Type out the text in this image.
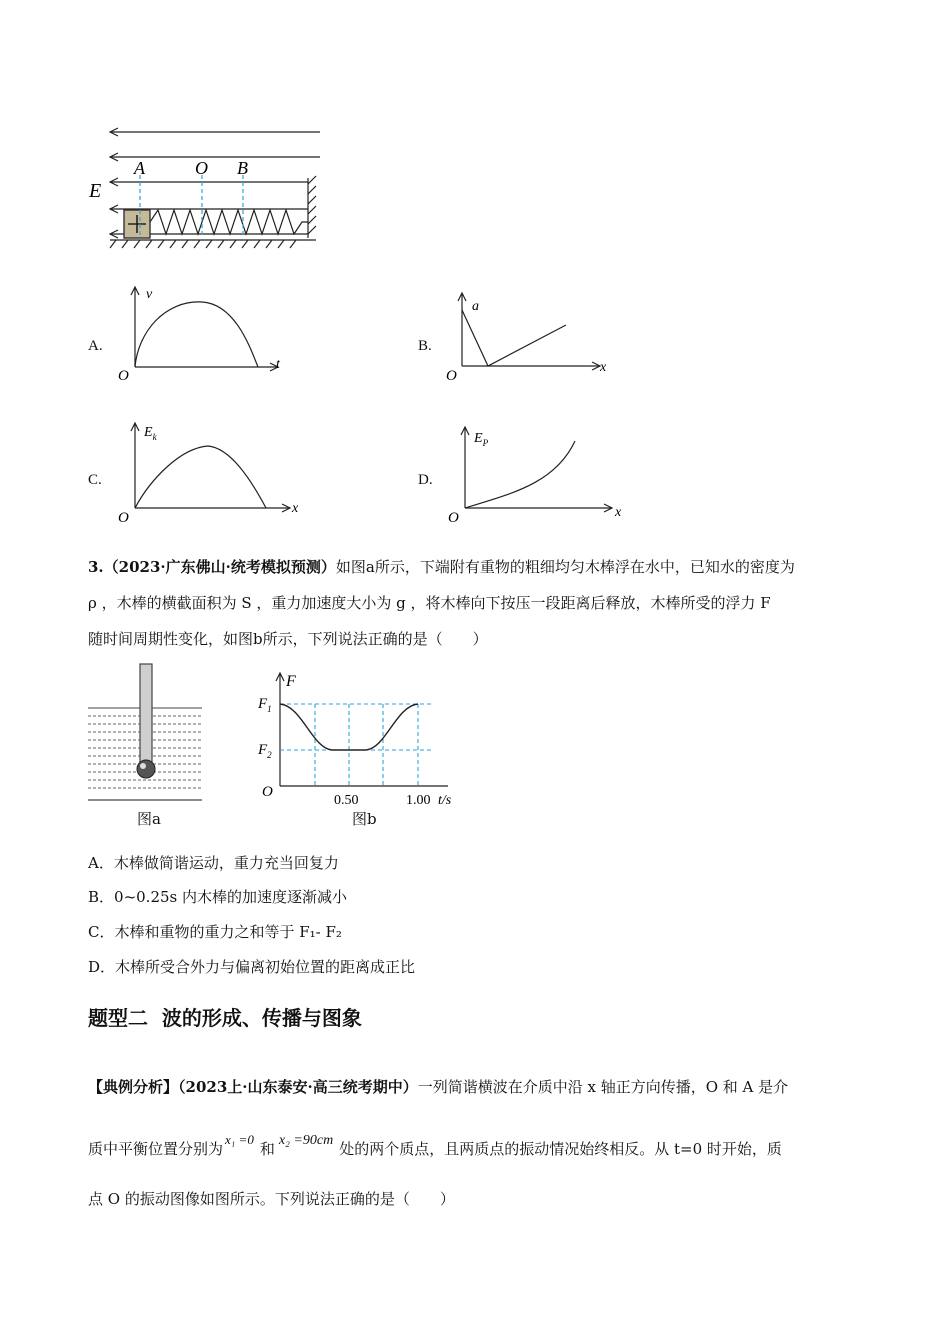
E
A	O B
A.
v
t
O
B.
a
x
O
C.
$E_k$
x
O
D.
$E_P$
x
O
3.（2023·广东佛山·统考模拟预测）如图a所示，下端附有重物的粗细均匀木棒浮在水中，已知水的密度为
ρ ，木棒的横截面积为 S ，重力加速度大小为 g ，将木棒向下按压一段距离后释放，木棒所受的浮力 F
随时间周期性变化，如图b所示，下列说法正确的是（　　）
图a
F
$F_1$
$F_2$
O
0.50	1.00 t/s
图b
A．木棒做简谐运动，重力充当回复力
B．0~0.25s 内木棒的加速度逐渐减小
C．木棒和重物的重力之和等于 F₁- F₂
D．木棒所受合外力与偏离初始位置的距离成正比
题型二  波的形成、传播与图象
【典例分析】（2023上·山东泰安·高三统考期中）一列简谐横波在介质中沿 x 轴正方向传播，O 和 A 是介
质中平衡位置分别为x₁ =0和 x₂ =90cm 处的两个质点，且两质点的振动情况始终相反。从 t=0 时开始，质
点 O 的振动图像如图所示。下列说法正确的是（　　）
